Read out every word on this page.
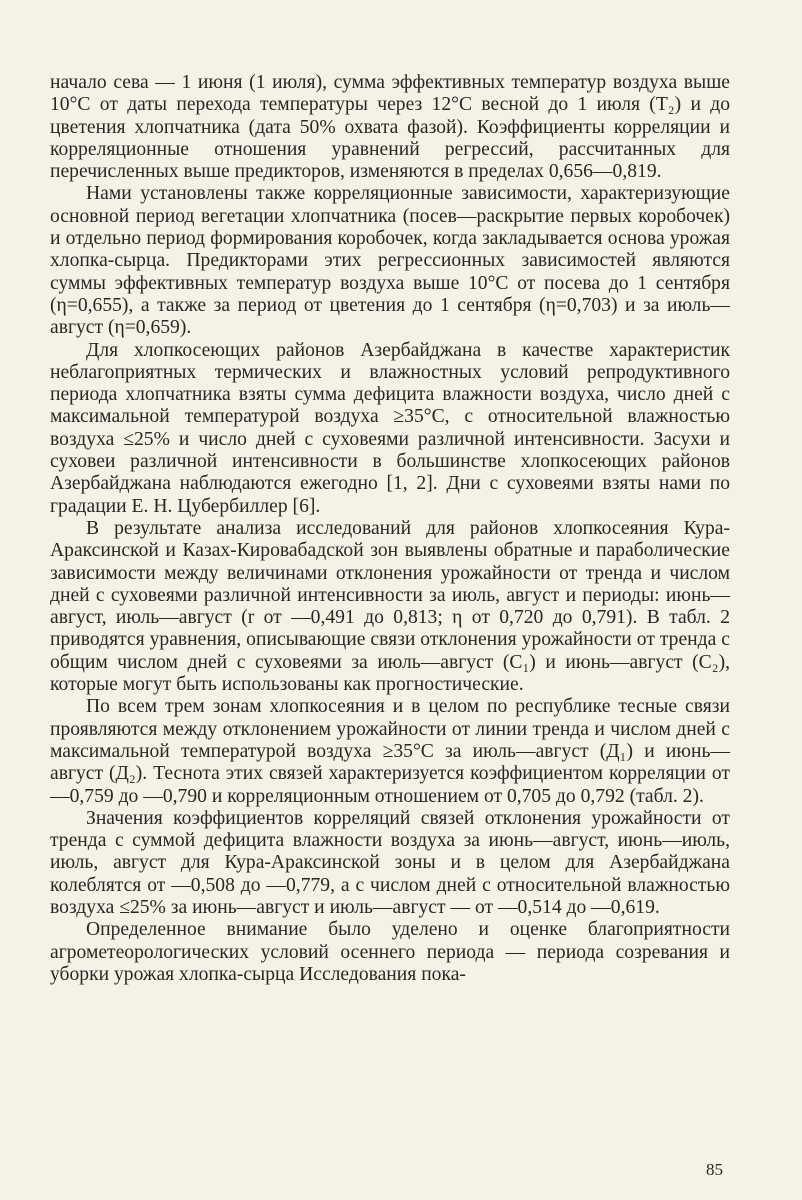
начало сева — 1 июня (1 июля), сумма эффективных температур воздуха выше 10°C от даты перехода температуры через 12°C весной до 1 июля (T₂) и до цветения хлопчатника (дата 50% охвата фазой). Коэффициенты корреляции и корреляционные отношения уравнений регрессий, рассчитанных для перечисленных выше предикторов, изменяются в пределах 0,656—0,819.

Нами установлены также корреляционные зависимости, характеризующие основной период вегетации хлопчатника (посев—раскрытие первых коробочек) и отдельно период формирования коробочек, когда закладывается основа урожая хлопка-сырца. Предикторами этих регрессионных зависимостей являются суммы эффективных температур воздуха выше 10°C от посева до 1 сентября (η=0,655), а также за период от цветения до 1 сентября (η=0,703) и за июль—август (η=0,659).

Для хлопкосеющих районов Азербайджана в качестве характеристик неблагоприятных термических и влажностных условий репродуктивного периода хлопчатника взяты сумма дефицита влажности воздуха, число дней с максимальной температурой воздуха ≥35°C, с относительной влажностью воздуха ≤25% и число дней с суховеями различной интенсивности. Засухи и суховеи различной интенсивности в большинстве хлопкосеющих районов Азербайджана наблюдаются ежегодно [1, 2]. Дни с суховеями взяты нами по градации Е. Н. Цубербиллер [6].

В результате анализа исследований для районов хлопкосеяния Кура-Араксинской и Казах-Кировабадской зон выявлены обратные и параболические зависимости между величинами отклонения урожайности от тренда и числом дней с суховеями различной интенсивности за июль, август и периоды: июнь—август, июль—август (r от —0,491 до 0,813; η от 0,720 до 0,791). В табл. 2 приводятся уравнения, описывающие связи отклонения урожайности от тренда с общим числом дней с суховеями за июль—август (C₁) и июнь—август (C₂), которые могут быть использованы как прогностические.

По всем трем зонам хлопкосеяния и в целом по республике тесные связи проявляются между отклонением урожайности от линии тренда и числом дней с максимальной температурой воздуха ≥35°C за июль—август (Д₁) и июнь—август (Д₂). Теснота этих связей характеризуется коэффициентом корреляции от —0,759 до —0,790 и корреляционным отношением от 0,705 до 0,792 (табл. 2).

Значения коэффициентов корреляций связей отклонения урожайности от тренда с суммой дефицита влажности воздуха за июнь—август, июнь—июль, июль, август для Кура-Араксинской зоны и в целом для Азербайджана колеблятся от —0,508 до —0,779, а с числом дней с относительной влажностью воздуха ≤25% за июнь—август и июль—август — от —0,514 до —0,619.

Определенное внимание было уделено и оценке благоприятности агрометеорологических условий осеннего периода — периода созревания и уборки урожая хлопка-сырца Исследования пока-

85
